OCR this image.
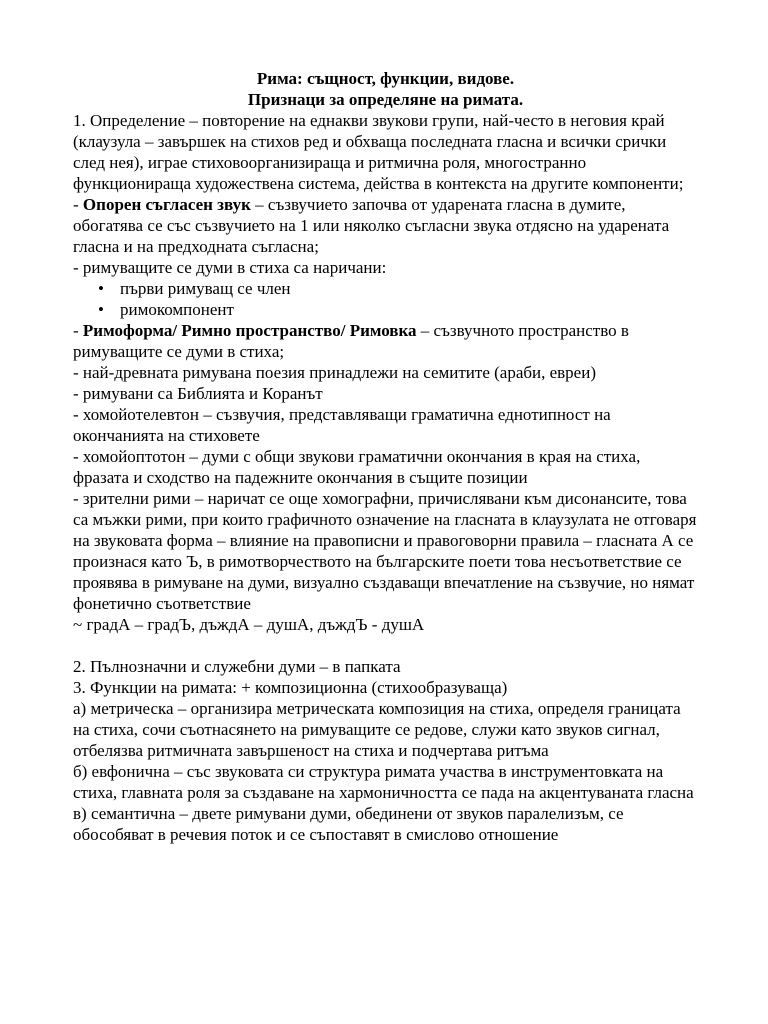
Рима: същност, функции, видове.
Признаци за определяне на римата.

1. Определение – повторение на еднакви звукови групи, най-често в неговия край (клаузула – завършек на стихов ред и обхваща последната гласна и всички срички след нея), играе стиховоорганизираща и ритмична роля, многостранно функционираща художествена система, действа в контекста на другите компоненти;

- Опорен съгласен звук – съзвучието започва от ударената гласна в думите, обогатява се със съзвучието на 1 или няколко съгласни звука отдясно на ударената гласна и на предходната съгласна;

- римуващите се думи в стиха са наричани:

• първи римуващ се член
• римокомпонент

- Римоформа/ Римно пространство/ Римовка – съзвучното пространство в римуващите се думи в стиха;

- най-древната римувана поезия принадлежи на семитите (араби, евреи)

- римувани са Библията и Коранът

- хомойотелевтон – съзвучия, представляващи граматична еднотипност на окончанията на стиховете

- хомойоптотон – думи с общи звукови граматични окончания в края на стиха, фразата и сходство на падежните окончания в същите позиции

- зрителни рими – наричат се още хомографни, причислявани към дисонансите, това са мъжки рими, при които графичното означение на гласната в клаузулата не отговаря на звуковата форма – влияние на правописни и правоговорни правила – гласната А се произнася като Ъ, в римотворчеството на българските поети това несъответствие се проявява в римуване на думи, визуално създаващи впечатление на съзвучие, но нямат фонетично съответствие

~ градА – градЪ, дъждА – душА, дъждЪ - душА

2. Пълнозначни и служебни думи – в папката

3. Функции на римата: + композиционна (стихообразуваща)

а) метрическа – организира метрическата композиция на стиха, определя границата на стиха, сочи съотнасянето на римуващите се редове, служи като звуков сигнал, отбелязва ритмичната завършеност на стиха и подчертава ритъма

б) евфонична – със звуковата си структура римата участва в инструментовката на стиха, главната роля за създаване на хармоничността се пада на акцентуваната гласна

в) семантична – двете римувани думи, обединени от звуков паралелизъм, се обособяват в речевия поток и се съпоставят в смислово отношение
